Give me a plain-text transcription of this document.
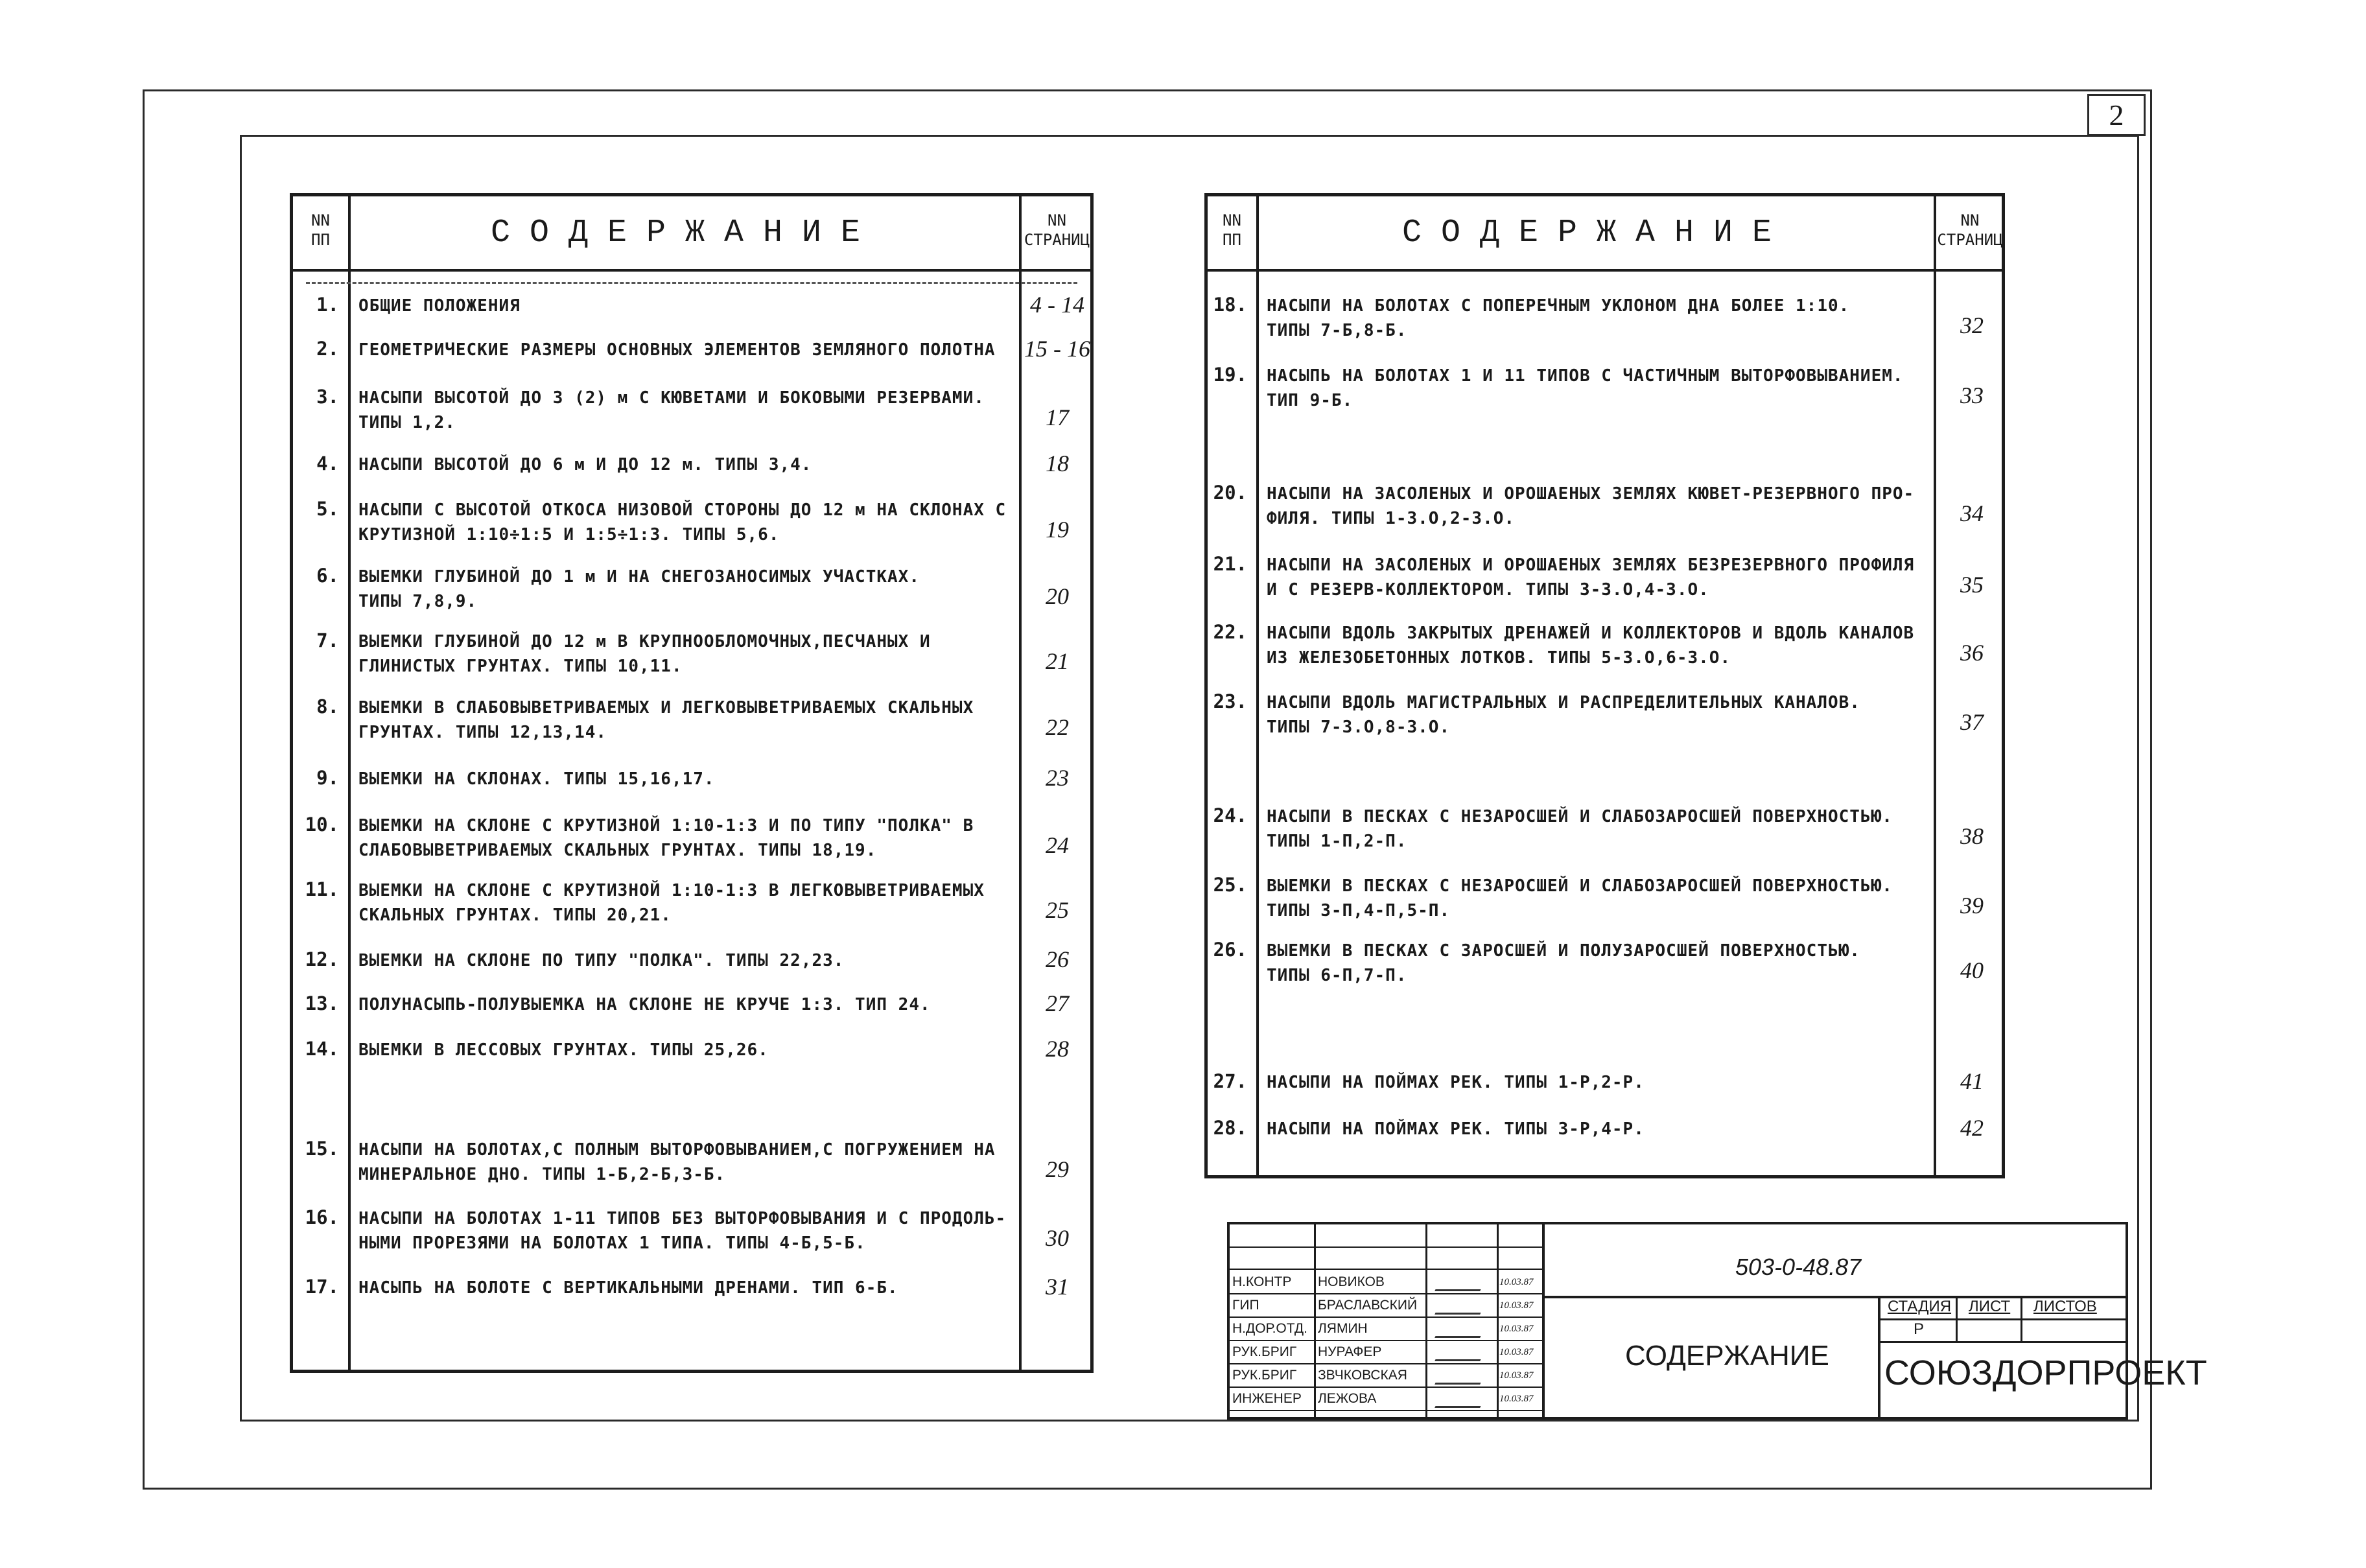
2
NN
ПП	СОДЕРЖАНИЕ	NN
СТРАНИЦ
1. ОБЩИЕ ПОЛОЖЕНИЯ	4 - 14
2. ГЕОМЕТРИЧЕСКИЕ РАЗМЕРЫ ОСНОВНЫХ ЭЛЕМЕНТОВ ЗЕМЛЯНОГО ПОЛОТНА	15 - 16
3. НАСЫПИ ВЫСОТОЙ ДО 3 (2) м С КЮВЕТАМИ И БОКОВЫМИ РЕЗЕРВАМИ.
ТИПЫ 1,2.	17
4. НАСЫПИ ВЫСОТОЙ ДО 6 м И ДО 12 м. ТИПЫ 3,4.	18
5. НАСЫПИ С ВЫСОТОЙ ОТКОСА НИЗОВОЙ СТОРОНЫ ДО 12 м НА СКЛОНАХ С
КРУТИЗНОЙ 1:10÷1:5 И 1:5÷1:3. ТИПЫ 5,6.	19
6. ВЫЕМКИ ГЛУБИНОЙ ДО 1 м И НА СНЕГОЗАНОСИМЫХ УЧАСТКАХ.
ТИПЫ 7,8,9.	20
7. ВЫЕМКИ ГЛУБИНОЙ ДО 12 м В КРУПНООБЛОМОЧНЫХ,ПЕСЧАНЫХ И
ГЛИНИСТЫХ ГРУНТАХ. ТИПЫ 10,11.	21
8. ВЫЕМКИ В СЛАБОВЫВЕТРИВАЕМЫХ И ЛЕГКОВЫВЕТРИВАЕМЫХ СКАЛЬНЫХ
ГРУНТАХ. ТИПЫ 12,13,14.	22
9. ВЫЕМКИ НА СКЛОНАХ. ТИПЫ 15,16,17.	23
10. ВЫЕМКИ НА СКЛОНЕ С КРУТИЗНОЙ 1:10-1:3 И ПО ТИПУ "ПОЛКА" В
СЛАБОВЫВЕТРИВАЕМЫХ СКАЛЬНЫХ ГРУНТАХ. ТИПЫ 18,19.	24
11. ВЫЕМКИ НА СКЛОНЕ С КРУТИЗНОЙ 1:10-1:3 В ЛЕГКОВЫВЕТРИВАЕМЫХ
СКАЛЬНЫХ ГРУНТАХ. ТИПЫ 20,21.	25
12. ВЫЕМКИ НА СКЛОНЕ ПО ТИПУ "ПОЛКА". ТИПЫ 22,23.	26
13. ПОЛУНАСЫПЬ-ПОЛУВЫЕМКА НА СКЛОНЕ НЕ КРУЧЕ 1:3. ТИП 24.	27
14. ВЫЕМКИ В ЛЕССОВЫХ ГРУНТАХ. ТИПЫ 25,26.	28
15. НАСЫПИ НА БОЛОТАХ,С ПОЛНЫМ ВЫТОРФОВЫВАНИЕМ,С ПОГРУЖЕНИЕМ НА
МИНЕРАЛЬНОЕ ДНО. ТИПЫ 1-Б,2-Б,3-Б.	29
16. НАСЫПИ НА БОЛОТАХ 1-11 ТИПОВ БЕЗ ВЫТОРФОВЫВАНИЯ И С ПРОДОЛЬ-
НЫМИ ПРОРЕЗЯМИ НА БОЛОТАХ 1 ТИПА. ТИПЫ 4-Б,5-Б.	30
17. НАСЫПЬ НА БОЛОТЕ С ВЕРТИКАЛЬНЫМИ ДРЕНАМИ. ТИП 6-Б.	31
NN
ПП	СОДЕРЖАНИЕ	NN
СТРАНИЦ
18. НАСЫПИ НА БОЛОТАХ С ПОПЕРЕЧНЫМ УКЛОНОМ ДНА БОЛЕЕ 1:10.
ТИПЫ 7-Б,8-Б.	32
19. НАСЫПЬ НА БОЛОТАХ 1 И 11 ТИПОВ С ЧАСТИЧНЫМ ВЫТОРФОВЫВАНИЕМ.
ТИП 9-Б.	33
20. НАСЫПИ НА ЗАСОЛЕНЫХ И ОРОШАЕНЫХ ЗЕМЛЯХ КЮВЕТ-РЕЗЕРВНОГО ПРО-
ФИЛЯ. ТИПЫ 1-З.О,2-З.О.	34
21. НАСЫПИ НА ЗАСОЛЕНЫХ И ОРОШАЕНЫХ ЗЕМЛЯХ БЕЗРЕЗЕРВНОГО ПРОФИЛЯ
И С РЕЗЕРВ-КОЛЛЕКТОРОМ. ТИПЫ 3-З.О,4-З.О.	35
22. НАСЫПИ ВДОЛЬ ЗАКРЫТЫХ ДРЕНАЖЕЙ И КОЛЛЕКТОРОВ И ВДОЛЬ КАНАЛОВ
ИЗ ЖЕЛЕЗОБЕТОННЫХ ЛОТКОВ. ТИПЫ 5-З.О,6-З.О.	36
23. НАСЫПИ ВДОЛЬ МАГИСТРАЛЬНЫХ И РАСПРЕДЕЛИТЕЛЬНЫХ КАНАЛОВ.
ТИПЫ 7-З.О,8-З.О.	37
24. НАСЫПИ В ПЕСКАХ С НЕЗАРОСШЕЙ И СЛАБОЗАРОСШЕЙ ПОВЕРХНОСТЬЮ.
ТИПЫ 1-П,2-П.	38
25. ВЫЕМКИ В ПЕСКАХ С НЕЗАРОСШЕЙ И СЛАБОЗАРОСШЕЙ ПОВЕРХНОСТЬЮ.
ТИПЫ 3-П,4-П,5-П.	39
26. ВЫЕМКИ В ПЕСКАХ С ЗАРОСШЕЙ И ПОЛУЗАРОСШЕЙ ПОВЕРХНОСТЬЮ.
ТИПЫ 6-П,7-П.	40
27. НАСЫПИ НА ПОЙМАХ РЕК. ТИПЫ 1-Р,2-Р.	41
28. НАСЫПИ НА ПОЙМАХ РЕК. ТИПЫ 3-Р,4-Р.	42
Н.КОНТР НОВИКОВ	10.03.87
ГИП	БРАСЛАВСКИЙ	10.03.87
Н.ДОР.ОТД. ЛЯМИН	10.03.87
РУК.БРИГ НУРАФЕР	10.03.87
РУК.БРИГ ЗВЧКОВСКАЯ	10.03.87
ИНЖЕНЕР ЛЕЖОВА	10.03.87
503-0-48.87
СОДЕРЖАНИЕ
СТАДИЯ ЛИСТ ЛИСТОВ
Р
СОЮЗДОРПРОЕКТ
